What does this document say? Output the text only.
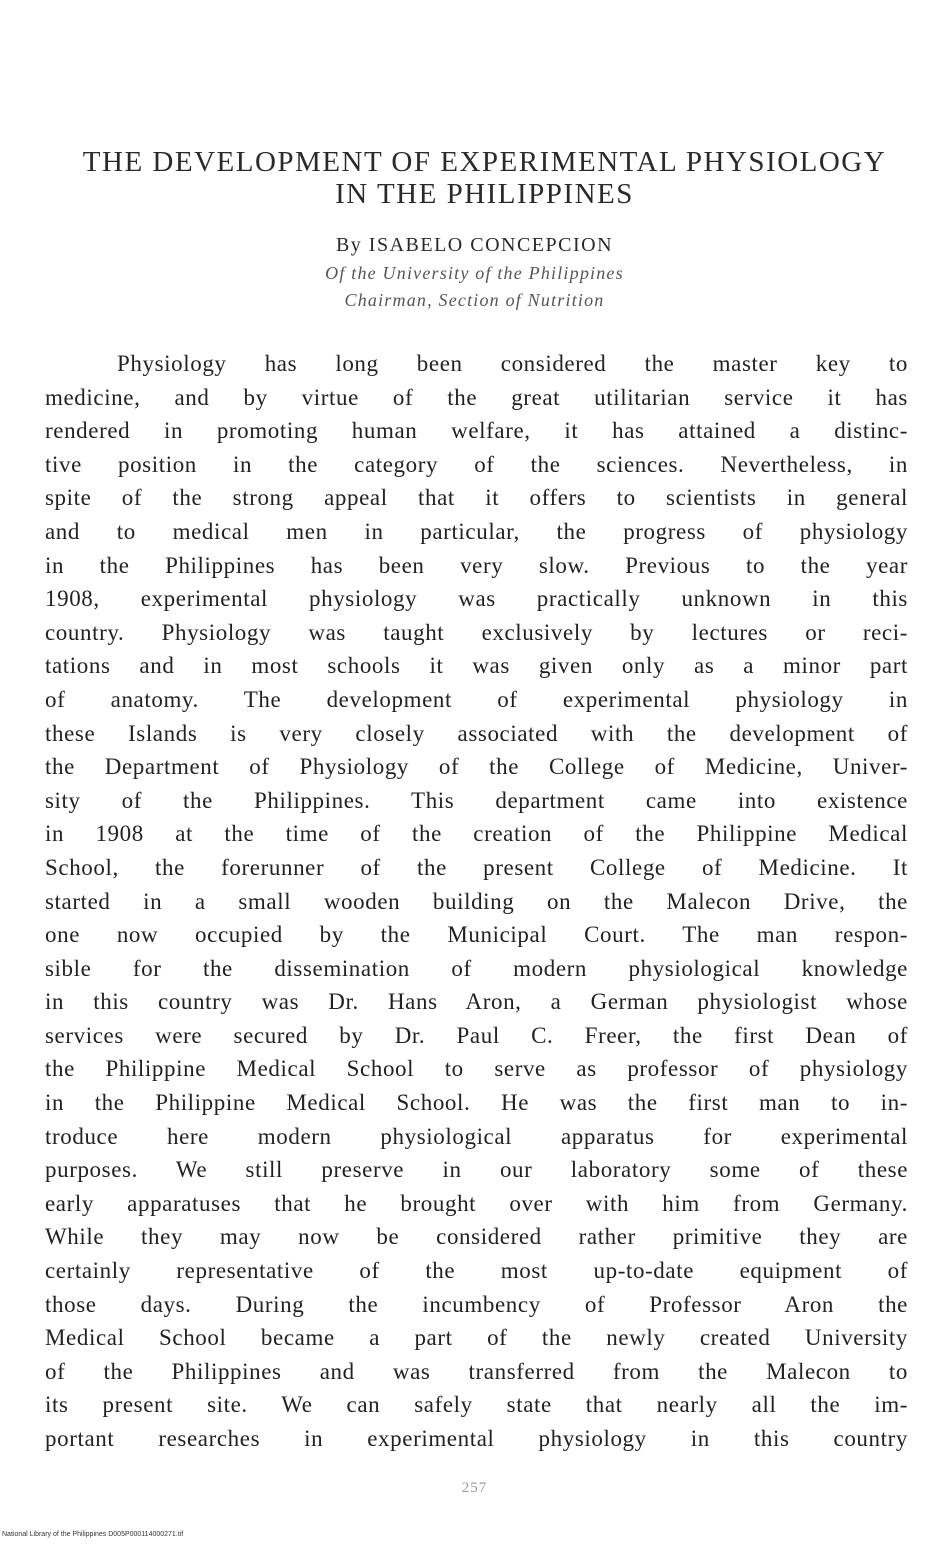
THE DEVELOPMENT OF EXPERIMENTAL PHYSIOLOGY
IN THE PHILIPPINES
By ISABELO CONCEPCION
Of the University of the Philippines
Chairman, Section of Nutrition
Physiology has long been considered the master key to
medicine, and by virtue of the great utilitarian service it has
rendered in promoting human welfare, it has attained a distinc-
tive position in the category of the sciences. Nevertheless, in
spite of the strong appeal that it offers to scientists in general
and to medical men in particular, the progress of physiology
in the Philippines has been very slow. Previous to the year
1908, experimental physiology was practically unknown in this
country. Physiology was taught exclusively by lectures or reci-
tations and in most schools it was given only as a minor part
of anatomy. The development of experimental physiology in
these Islands is very closely associated with the development of
the Department of Physiology of the College of Medicine, Univer-
sity of the Philippines. This department came into existence
in 1908 at the time of the creation of the Philippine Medical
School, the forerunner of the present College of Medicine. It
started in a small wooden building on the Malecon Drive, the
one now occupied by the Municipal Court. The man respon-
sible for the dissemination of modern physiological knowledge
in this country was Dr. Hans Aron, a German physiologist whose
services were secured by Dr. Paul C. Freer, the first Dean of
the Philippine Medical School to serve as professor of physiology
in the Philippine Medical School. He was the first man to in-
troduce here modern physiological apparatus for experimental
purposes. We still preserve in our laboratory some of these
early apparatuses that he brought over with him from Germany.
While they may now be considered rather primitive they are
certainly representative of the most up-to-date equipment of
those days. During the incumbency of Professor Aron the
Medical School became a part of the newly created University
of the Philippines and was transferred from the Malecon to
its present site. We can safely state that nearly all the im-
portant researches in experimental physiology in this country
257
National Library of the Philippines D005P000114000271.tif
